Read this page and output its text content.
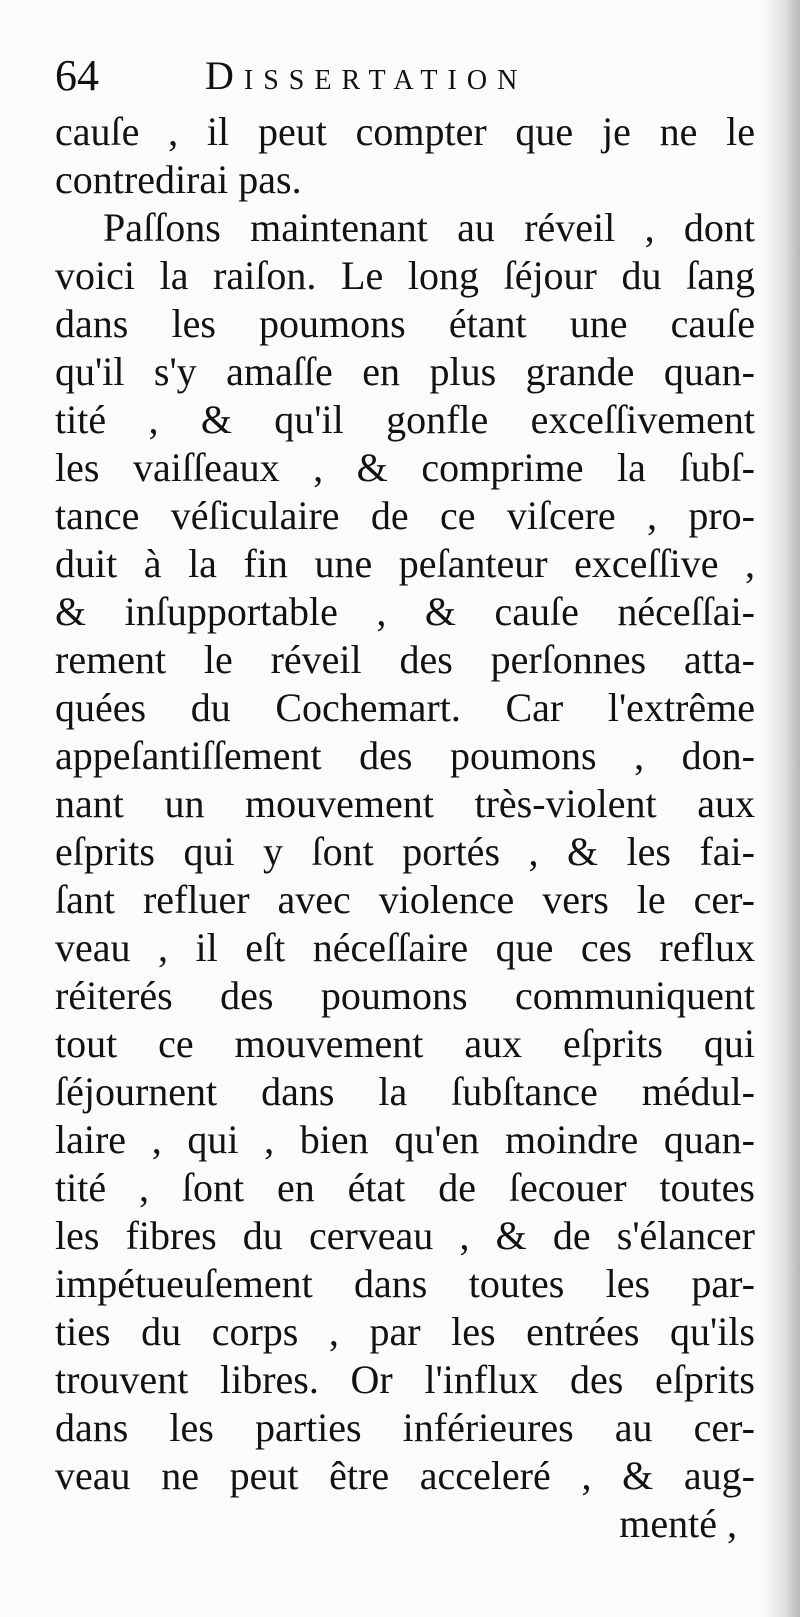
64	Dissertation
cauſe , il peut compter que je ne le
contredirai pas.
Paſſons maintenant au réveil , dont
voici la raiſon. Le long ſéjour du ſang
dans les poumons étant une cauſe
qu'il s'y amaſſe en plus grande quan-
tité , & qu'il gonfle exceſſivement
les vaiſſeaux , & comprime la ſubſ-
tance véſiculaire de ce viſcere , pro-
duit à la fin une peſanteur exceſſive ,
& inſupportable , & cauſe néceſſai-
rement le réveil des perſonnes atta-
quées du Cochemart. Car l'extrême
appeſantiſſement des poumons , don-
nant un mouvement très-violent aux
eſprits qui y ſont portés , & les fai-
ſant refluer avec violence vers le cer-
veau , il eſt néceſſaire que ces reflux
réiterés des poumons communiquent
tout ce mouvement aux eſprits qui
ſéjournent dans la ſubſtance médul-
laire , qui , bien qu'en moindre quan-
tité , ſont en état de ſecouer toutes
les fibres du cerveau , & de s'élancer
impétueuſement dans toutes les par-
ties du corps , par les entrées qu'ils
trouvent libres. Or l'influx des eſprits
dans les parties inférieures au cer-
veau ne peut être acceleré , & aug-
menté ,
